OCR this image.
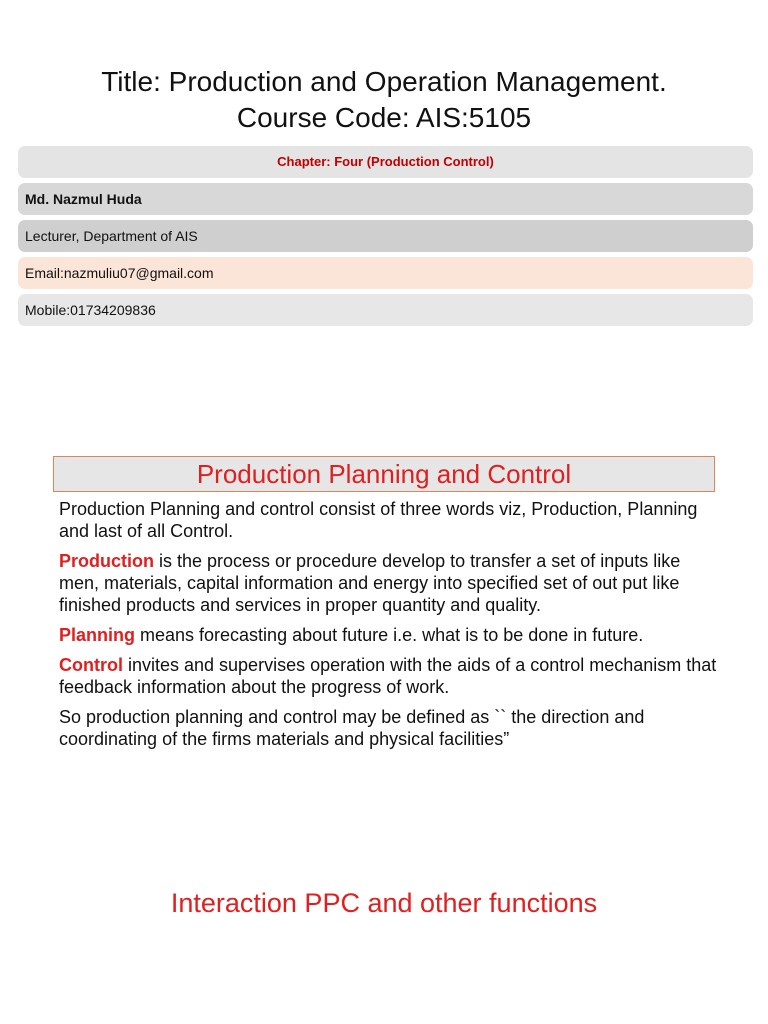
Title: Production and Operation Management.
Course Code: AIS:5105
Chapter: Four (Production Control)
Md. Nazmul Huda
Lecturer, Department of AIS
Email:nazmuliu07@gmail.com
Mobile:01734209836
Production Planning and Control

Production Planning and control consist of three words viz, Production, Planning and last of all Control.

Production is the process or procedure develop to transfer a set of inputs like men, materials, capital information and energy into specified set of out put like finished products and services in proper quantity and quality.

Planning means forecasting about future i.e. what is to be done in future.

Control invites and supervises operation with the aids of a control mechanism that feedback information about the progress of work.

So production planning and control may be defined as `` the direction and coordinating of the firms materials and physical facilities”

Interaction PPC and other functions
